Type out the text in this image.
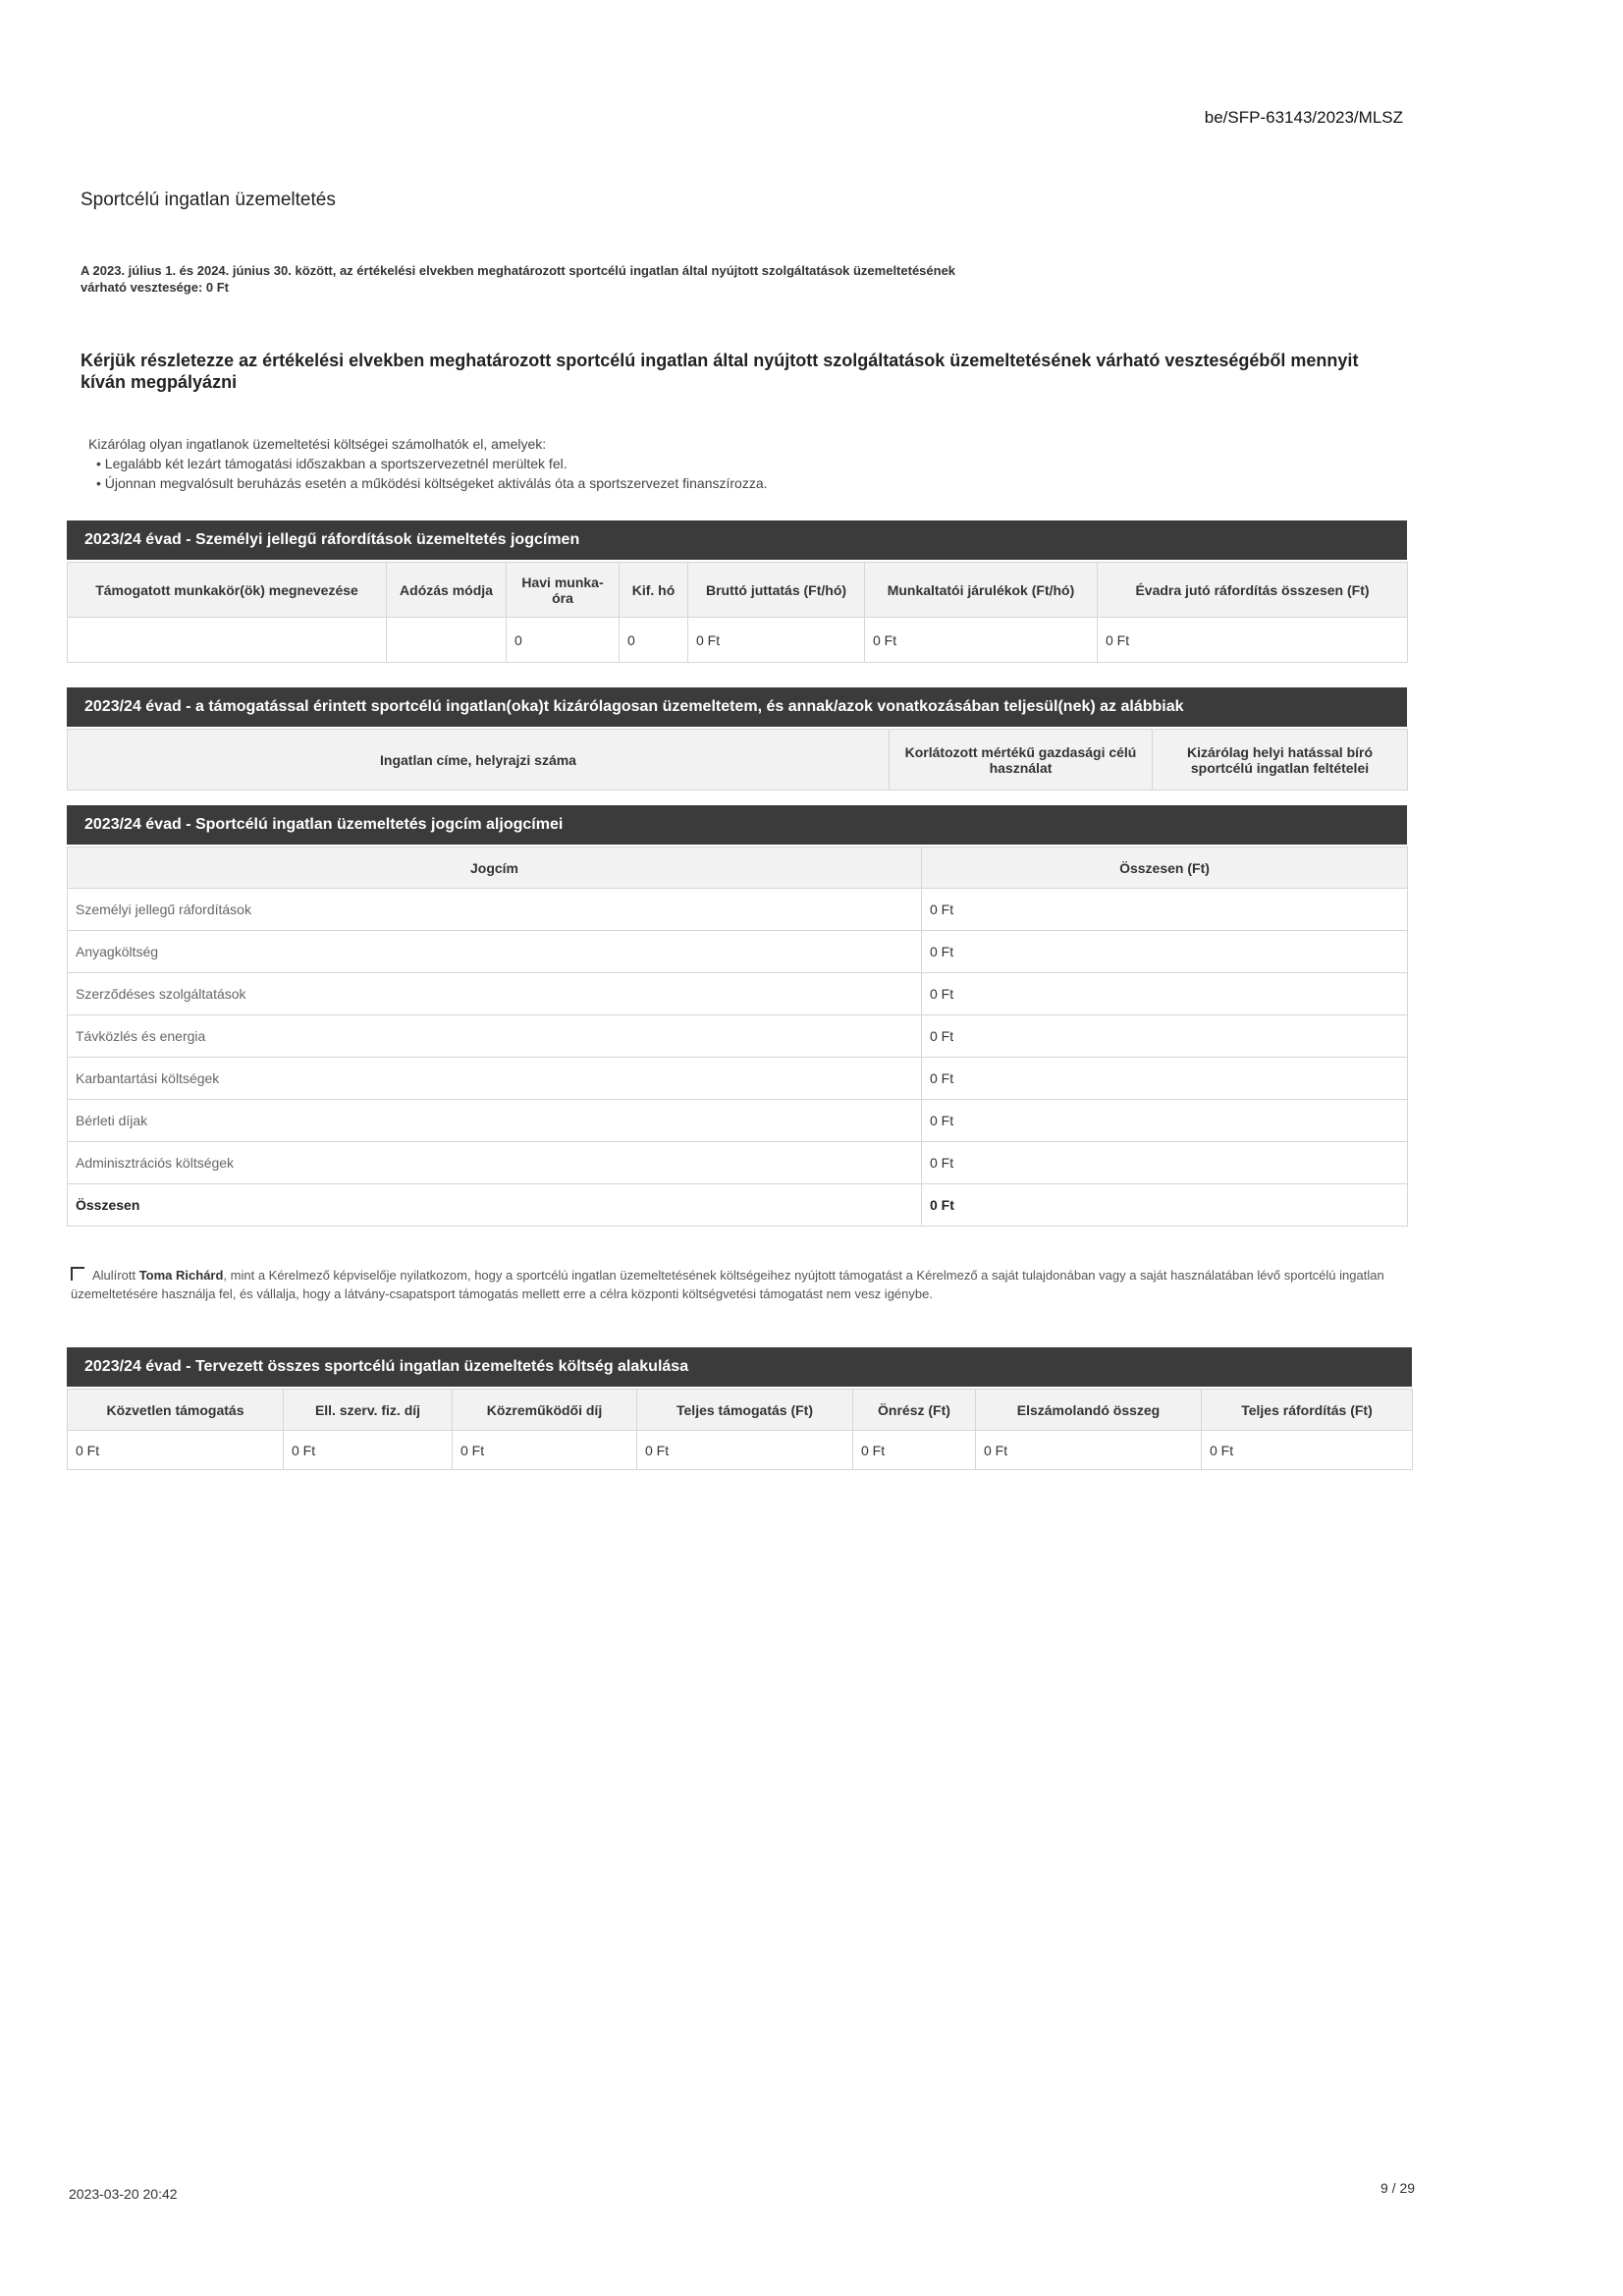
be/SFP-63143/2023/MLSZ
Sportcélú ingatlan üzemeltetés
A 2023. július 1. és 2024. június 30. között, az értékelési elvekben meghatározott sportcélú ingatlan által nyújtott szolgáltatások üzemeltetésének várható vesztesége: 0 Ft
Kérjük részletezze az értékelési elvekben meghatározott sportcélú ingatlan által nyújtott szolgáltatások üzemeltetésének várható veszteségéből mennyit kíván megpályázni
Kizárólag olyan ingatlanok üzemeltetési költségei számolhatók el, amelyek:
• Legalább két lezárt támogatási időszakban a sportszervezetnél merültek fel.
• Újonnan megvalósult beruházás esetén a működési költségeket aktiválás óta a sportszervezet finanszírozza.
2023/24 évad - Személyi jellegű ráfordítások üzemeltetés jogcímen
Támogatott munkakör(ök) megnevezése	Adózás módja	Havi munka-óra	Kif. hó	Bruttó juttatás (Ft/hó)	Munkaltatói járulékok (Ft/hó)	Évadra jutó ráfordítás összesen (Ft)
		0	0	0 Ft	0 Ft	0 Ft
2023/24 évad - a támogatással érintett sportcélú ingatlan(oka)t kizárólagosan üzemeltetem, és annak/azok vonatkozásában teljesül(nek) az alábbiak
Ingatlan címe, helyrajzi száma	Korlátozott mértékű gazdasági célú használat	Kizárólag helyi hatással bíró sportcélú ingatlan feltételei
2023/24 évad - Sportcélú ingatlan üzemeltetés jogcím aljogcímei
Jogcím	Összesen (Ft)
Személyi jellegű ráfordítások	0 Ft
Anyagköltség	0 Ft
Szerződéses szolgáltatások	0 Ft
Távközlés és energia	0 Ft
Karbantartási költségek	0 Ft
Bérleti díjak	0 Ft
Adminisztrációs költségek	0 Ft
Összesen	0 Ft
Alulírott Toma Richárd, mint a Kérelmező képviselője nyilatkozom, hogy a sportcélú ingatlan üzemeltetésének költségeihez nyújtott támogatást a Kérelmező a saját tulajdonában vagy a saját használatában lévő sportcélú ingatlan üzemeltetésére használja fel, és vállalja, hogy a látvány-csapatsport támogatás mellett erre a célra központi költségvetési támogatást nem vesz igénybe.
2023/24 évad - Tervezett összes sportcélú ingatlan üzemeltetés költség alakulása
Közvetlen támogatás	Ell. szerv. fiz. díj	Közreműködői díj	Teljes támogatás (Ft)	Önrész (Ft)	Elszámolandó összeg	Teljes ráfordítás (Ft)
0 Ft	0 Ft	0 Ft	0 Ft	0 Ft	0 Ft	0 Ft
2023-03-20 20:42	9 / 29
